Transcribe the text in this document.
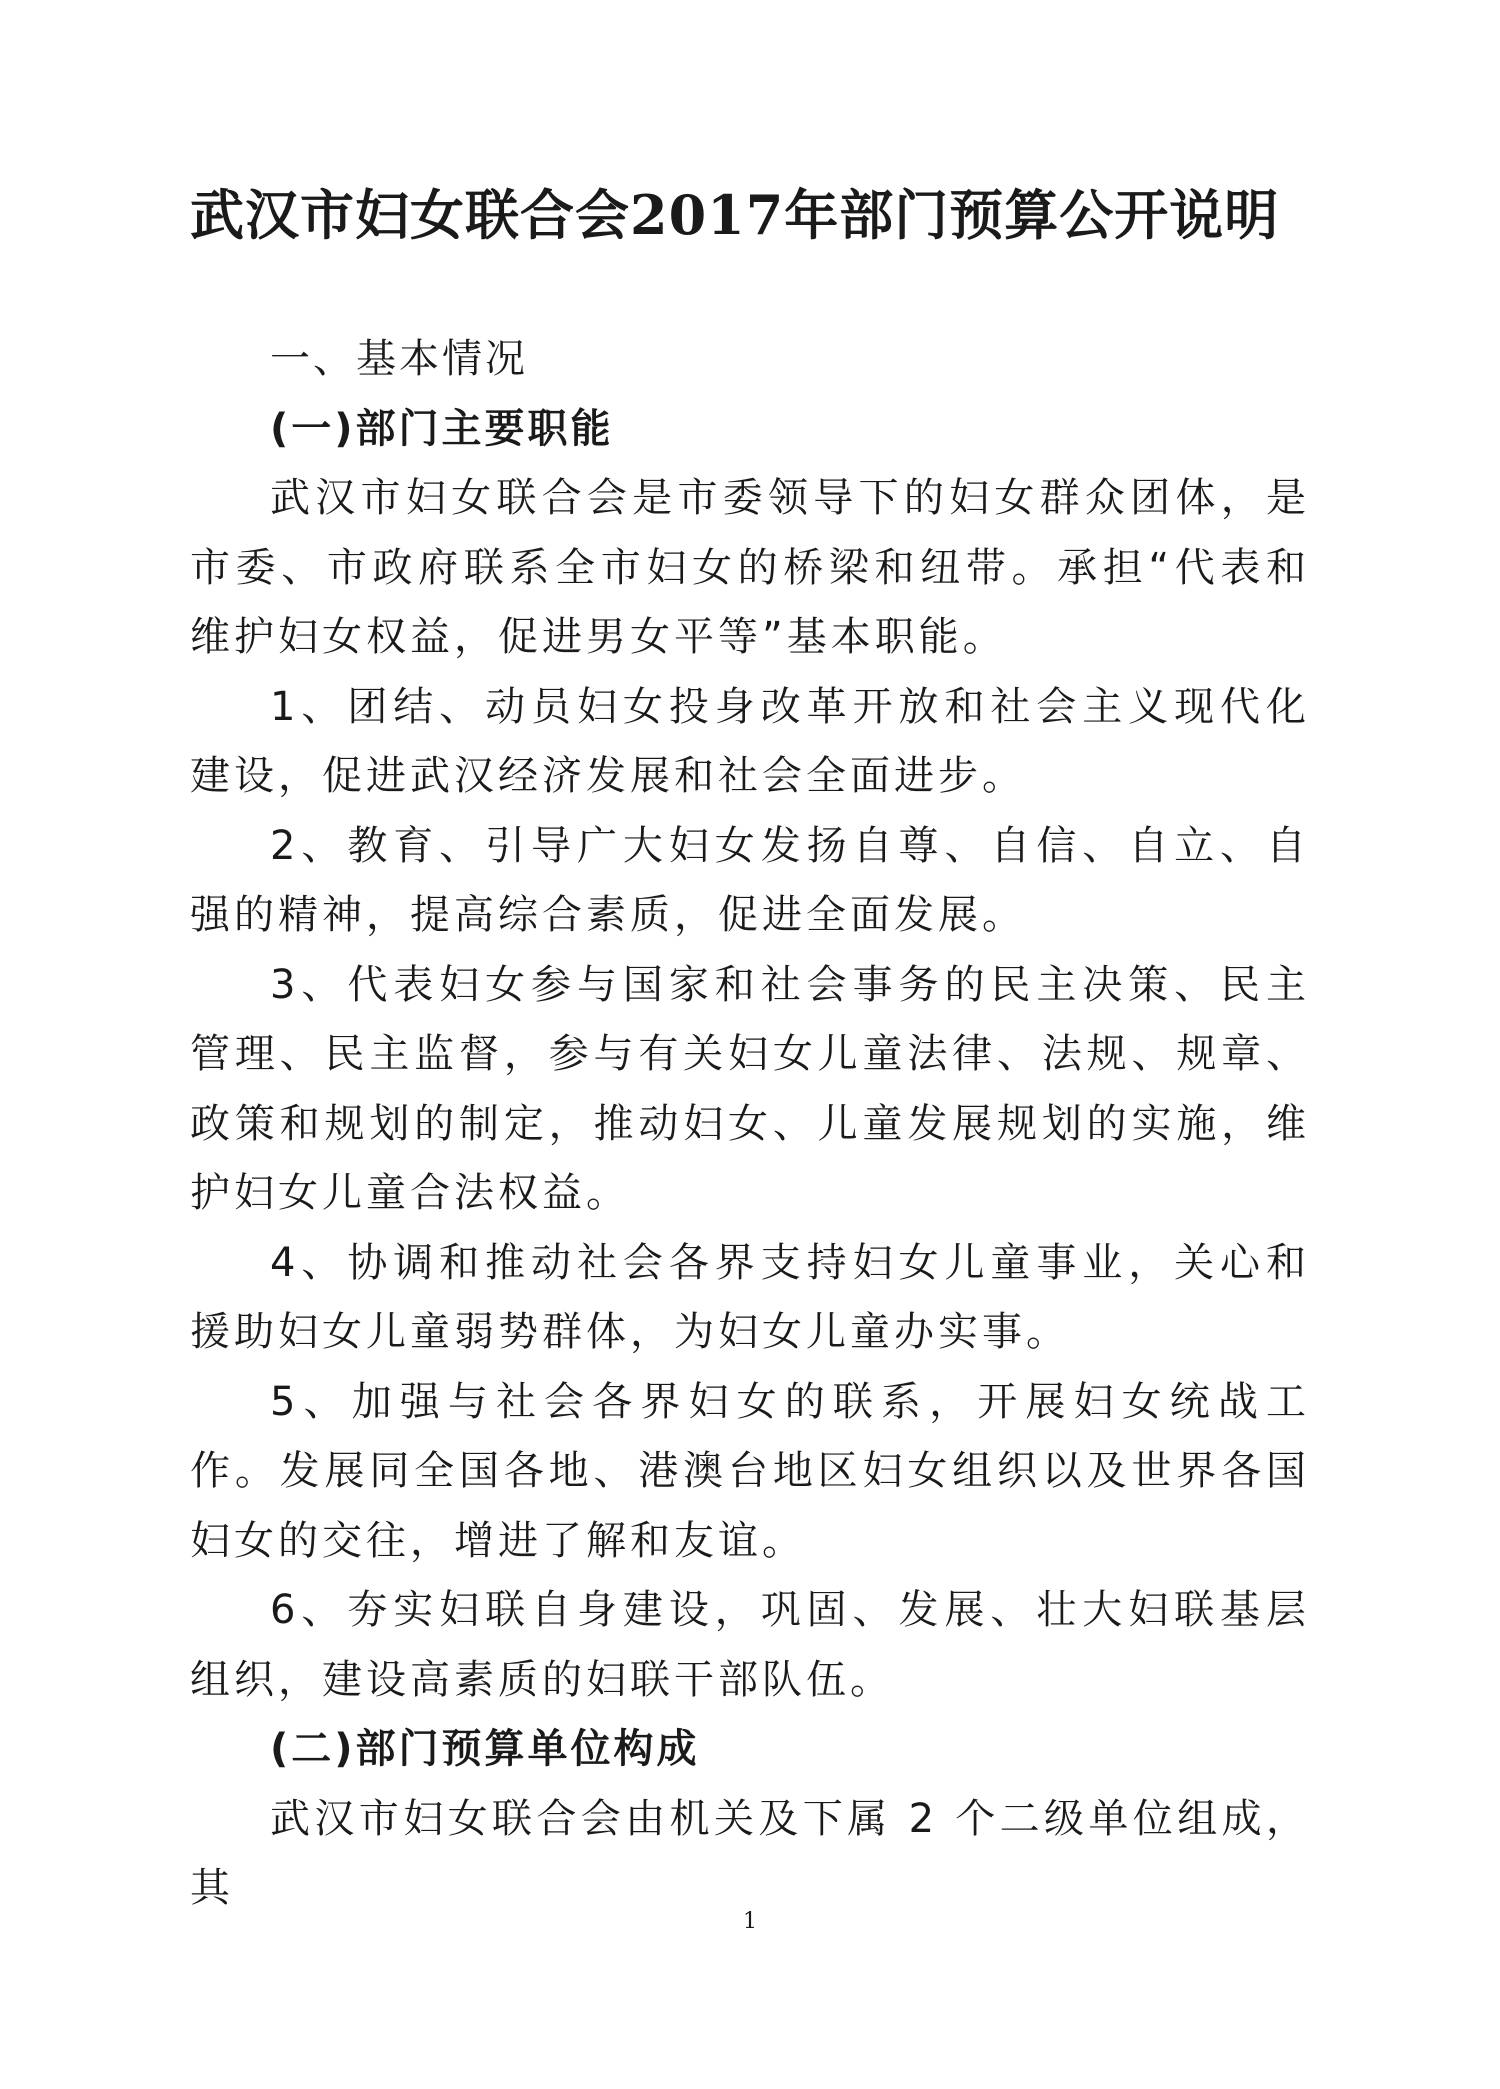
武汉市妇女联合会2017年部门预算公开说明
一、基本情况
(一)部门主要职能

武汉市妇女联合会是市委领导下的妇女群众团体，是市委、市政府联系全市妇女的桥梁和纽带。承担“代表和维护妇女权益，促进男女平等”基本职能。

1、团结、动员妇女投身改革开放和社会主义现代化建设，促进武汉经济发展和社会全面进步。

2、教育、引导广大妇女发扬自尊、自信、自立、自强的精神，提高综合素质，促进全面发展。

3、代表妇女参与国家和社会事务的民主决策、民主管理、民主监督，参与有关妇女儿童法律、法规、规章、政策和规划的制定，推动妇女、儿童发展规划的实施，维护妇女儿童合法权益。

4、协调和推动社会各界支持妇女儿童事业，关心和援助妇女儿童弱势群体，为妇女儿童办实事。

5、加强与社会各界妇女的联系，开展妇女统战工作。发展同全国各地、港澳台地区妇女组织以及世界各国妇女的交往，增进了解和友谊。

6、夯实妇联自身建设，巩固、发展、壮大妇联基层组织，建设高素质的妇联干部队伍。

(二)部门预算单位构成

武汉市妇女联合会由机关及下属 2 个二级单位组成，其

1
